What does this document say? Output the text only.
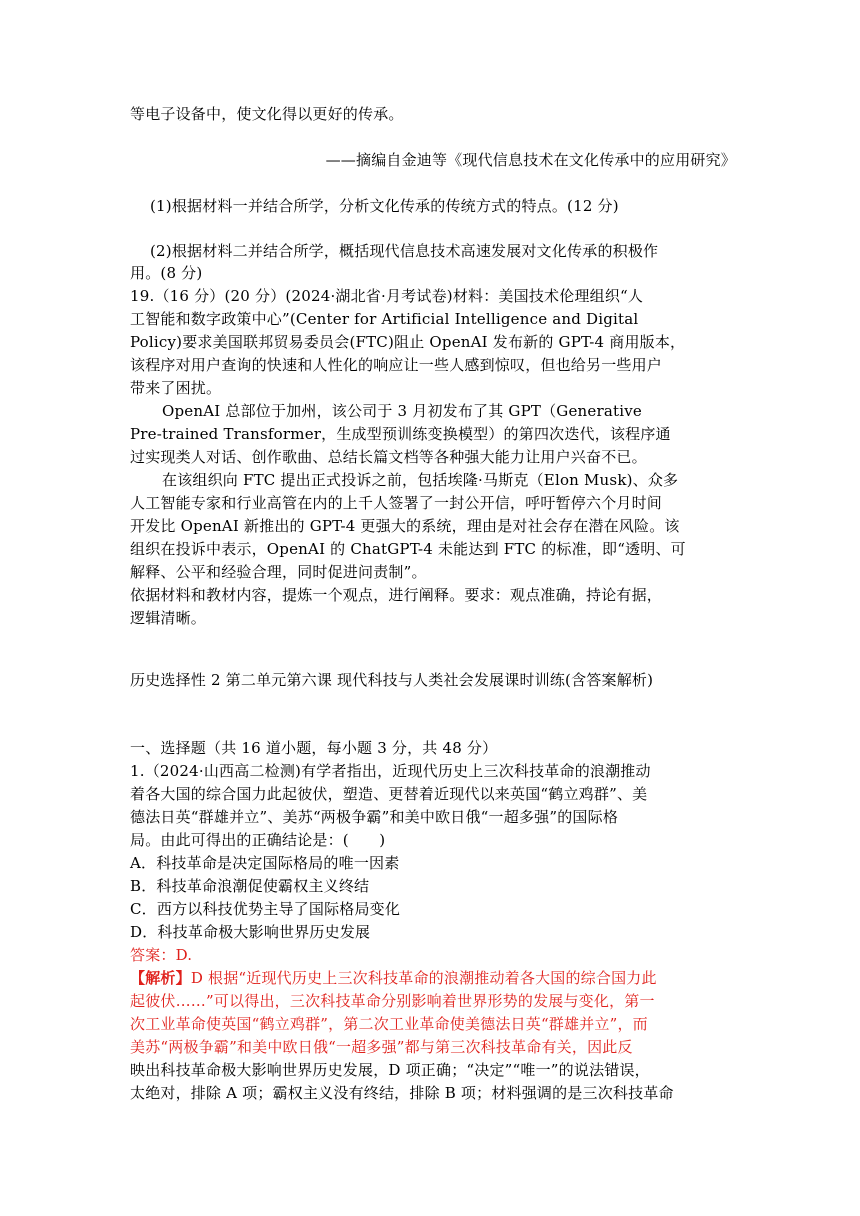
等电子设备中，使文化得以更好的传承。
——摘编自金迪等《现代信息技术在文化传承中的应用研究》
(1)根据材料一并结合所学，分析文化传承的传统方式的特点。(12 分)
(2)根据材料二并结合所学，概括现代信息技术高速发展对文化传承的积极作
用。(8 分)
19.（16 分）(20 分）(2024·湖北省·月考试卷)材料：美国技术伦理组织“人
工智能和数字政策中心”(Center for Artificial Intelligence and Digital
Policy)要求美国联邦贸易委员会(FTC)阻止 OpenAI 发布新的 GPT-4 商用版本，
该程序对用户查询的快速和人性化的响应让一些人感到惊叹，但也给另一些用户
带来了困扰。
OpenAI 总部位于加州，该公司于 3 月初发布了其 GPT（Generative
Pre-trained Transformer，生成型预训练变换模型）的第四次迭代，该程序通
过实现类人对话、创作歌曲、总结长篇文档等各种强大能力让用户兴奋不已。
在该组织向 FTC 提出正式投诉之前，包括埃隆·马斯克（Elon Musk)、众多
人工智能专家和行业高管在内的上千人签署了一封公开信，呼吁暂停六个月时间
开发比 OpenAI 新推出的 GPT-4 更强大的系统，理由是对社会存在潜在风险。该
组织在投诉中表示，OpenAI 的 ChatGPT-4 未能达到 FTC 的标准，即“透明、可
解释、公平和经验合理，同时促进问责制”。
依据材料和教材内容，提炼一个观点，进行阐释。要求：观点准确，持论有据，
逻辑清晰。
历史选择性 2 第二单元第六课 现代科技与人类社会发展课时训练(含答案解析)
一、选择题（共 16 道小题，每小题 3 分，共 48 分）
1.（2024·山西高二检测)有学者指出，近现代历史上三次科技革命的浪潮推动
着各大国的综合国力此起彼伏，塑造、更替着近现代以来英国“鹤立鸡群”、美
德法日英“群雄并立”、美苏“两极争霸”和美中欧日俄“一超多强”的国际格
局。由此可得出的正确结论是：(　　)
A．科技革命是决定国际格局的唯一因素
B．科技革命浪潮促使霸权主义终结
C．西方以科技优势主导了国际格局变化
D．科技革命极大影响世界历史发展
答案：D.
【解析】D 根据“近现代历史上三次科技革命的浪潮推动着各大国的综合国力此
起彼伏……”可以得出，三次科技革命分别影响着世界形势的发展与变化，第一
次工业革命使英国“鹤立鸡群”，第二次工业革命使美德法日英“群雄并立”，而
美苏“两极争霸”和美中欧日俄“一超多强”都与第三次科技革命有关，因此反
映出科技革命极大影响世界历史发展，D 项正确；“决定”“唯一”的说法错误，
太绝对，排除 A 项；霸权主义没有终结，排除 B 项；材料强调的是三次科技革命
